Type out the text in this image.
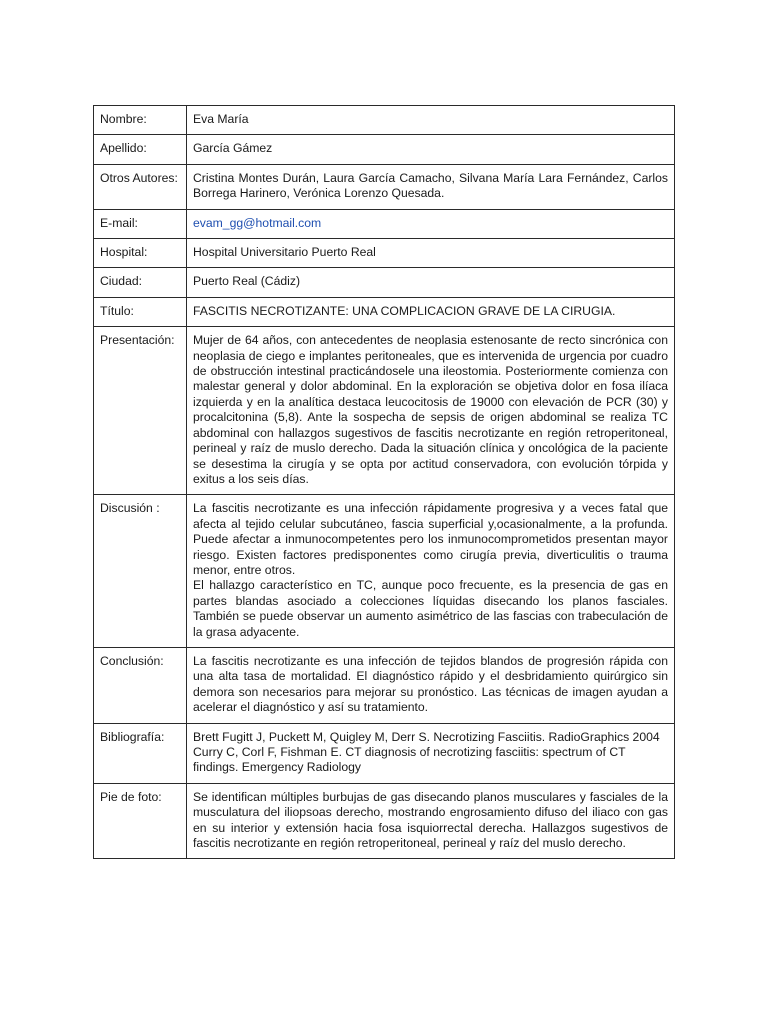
Nombre:	Eva María
Apellido:	García Gámez
Otros Autores:	Cristina Montes Durán, Laura García Camacho, Silvana María Lara Fernández, Carlos Borrega Harinero, Verónica Lorenzo Quesada.
E-mail:	evam_gg@hotmail.com
Hospital:	Hospital Universitario Puerto Real
Ciudad:	Puerto Real (Cádiz)
Título:	FASCITIS NECROTIZANTE: UNA COMPLICACION GRAVE DE LA CIRUGIA.
Presentación:	Mujer de 64 años, con antecedentes de neoplasia estenosante de recto sincrónica con neoplasia de ciego e implantes peritoneales, que es intervenida de urgencia por cuadro de obstrucción intestinal practicándosele una ileostomia. Posteriormente comienza con malestar general y dolor abdominal. En la exploración se objetiva dolor en fosa ilíaca izquierda y en la analítica destaca leucocitosis de 19000 con elevación de PCR (30) y procalcitonina (5,8). Ante la sospecha de sepsis de origen abdominal se realiza TC abdominal con hallazgos sugestivos de fascitis necrotizante en región retroperitoneal, perineal y raíz de muslo derecho. Dada la situación clínica y oncológica de la paciente se desestima la cirugía y se opta por actitud conservadora, con evolución tórpida y exitus a los seis días.
Discusión :	La fascitis necrotizante es una infección rápidamente progresiva y a veces fatal que afecta al tejido celular subcutáneo, fascia superficial y,ocasionalmente, a la profunda. Puede afectar a inmunocompetentes pero los inmunocomprometidos presentan mayor riesgo. Existen factores predisponentes como cirugía previa, diverticulitis o trauma menor, entre otros.
El hallazgo característico en TC, aunque poco frecuente, es la presencia de gas en partes blandas asociado a colecciones líquidas disecando los planos fasciales. También se puede observar un aumento asimétrico de las fascias con trabeculación de la grasa adyacente.
Conclusión:	La fascitis necrotizante es una infección de tejidos blandos de progresión rápida con una alta tasa de mortalidad. El diagnóstico rápido y el desbridamiento quirúrgico sin demora son necesarios para mejorar su pronóstico. Las técnicas de imagen ayudan a acelerar el diagnóstico y así su tratamiento.
Bibliografía:	Brett Fugitt J, Puckett M, Quigley M, Derr S. Necrotizing Fasciitis. RadioGraphics 2004
Curry C, Corl F, Fishman E. CT diagnosis of necrotizing fasciitis: spectrum of CT findings. Emergency Radiology
Pie de foto:	Se identifican múltiples burbujas de gas disecando planos musculares y fasciales de la musculatura del iliopsoas derecho, mostrando engrosamiento difuso del iliaco con gas en su interior y extensión hacia fosa isquiorrectal derecha. Hallazgos sugestivos de fascitis necrotizante en región retroperitoneal, perineal y raíz del muslo derecho.
